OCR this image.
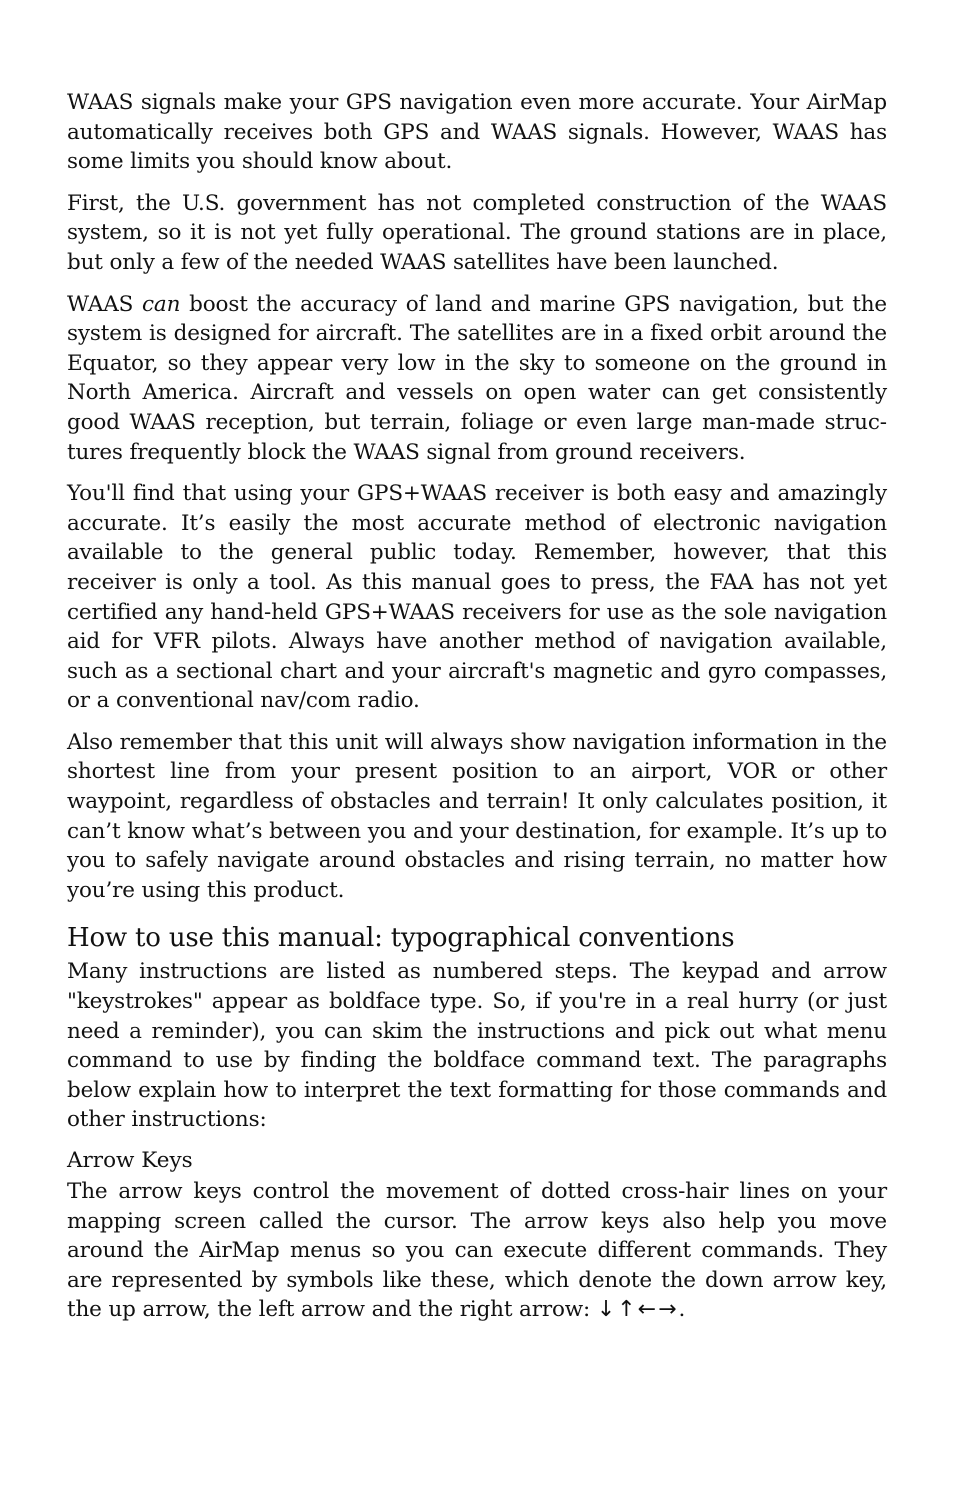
WAAS signals make your GPS navigation even more accurate. Your AirMap automatically receives both GPS and WAAS signals. However, WAAS has some limits you should know about.

First, the U.S. government has not completed construction of the WAAS system, so it is not yet fully operational. The ground stations are in place, but only a few of the needed WAAS satellites have been launched.

WAAS can boost the accuracy of land and marine GPS navigation, but the system is designed for aircraft. The satellites are in a fixed orbit around the Equator, so they appear very low in the sky to someone on the ground in North America. Aircraft and vessels on open water can get consistently good WAAS reception, but terrain, foliage or even large man-made structures frequently block the WAAS signal from ground receivers.

You'll find that using your GPS+WAAS receiver is both easy and amazingly accurate. It’s easily the most accurate method of electronic navigation available to the general public today. Remember, however, that this receiver is only a tool. As this manual goes to press, the FAA has not yet certified any hand-held GPS+WAAS receivers for use as the sole navigation aid for VFR pilots. Always have another method of navigation available, such as a sectional chart and your aircraft's magnetic and gyro compasses, or a conventional nav/com radio.

Also remember that this unit will always show navigation information in the shortest line from your present position to an airport, VOR or other waypoint, regardless of obstacles and terrain! It only calculates position, it can’t know what’s between you and your destination, for example. It’s up to you to safely navigate around obstacles and rising terrain, no matter how you’re using this product.

How to use this manual: typographical conventions

Many instructions are listed as numbered steps. The keypad and arrow "keystrokes" appear as boldface type. So, if you're in a real hurry (or just need a reminder), you can skim the instructions and pick out what menu command to use by finding the boldface command text. The paragraphs below explain how to interpret the text formatting for those commands and other instructions:

Arrow Keys

The arrow keys control the movement of dotted cross-hair lines on your mapping screen called the cursor. The arrow keys also help you move around the AirMap menus so you can execute different commands. They are represented by symbols like these, which denote the down arrow key, the up arrow, the left arrow and the right arrow: ↓↑←→.
